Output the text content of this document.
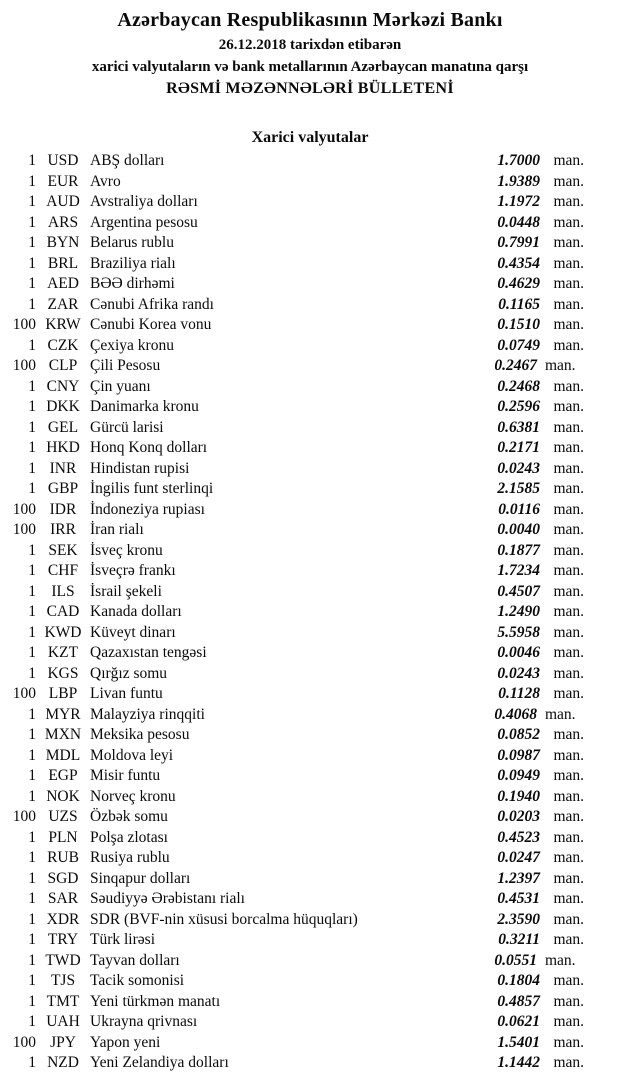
Azərbaycan Respublikasının Mərkəzi Bankı
26.12.2018 tarixdən etibarən
xarici valyutaların və bank metallarının Azərbaycan manatına qarşı
RƏSMİ MƏZƏNNƏLƏRİ BÜLLETENİ
Xarici valyutalar
1 USD ABŞ dolları	1.7000 man.
1 EUR Avro	1.9389 man.
1 AUD Avstraliya dolları	1.1972 man.
1 ARS Argentina pesosu	0.0448 man.
1 BYN Belarus rublu	0.7991 man.
1 BRL Braziliya rialı	0.4354 man.
1 AED BƏƏ dirhəmi	0.4629 man.
1 ZAR Cənubi Afrika randı	0.1165 man.
100 KRW Cənubi Korea vonu	0.1510 man.
1 CZK Çexiya kronu	0.0749 man.
100 CLP Çili Pesosu	0.2467 man.
1 CNY Çin yuanı	0.2468 man.
1 DKK Danimarka kronu	0.2596 man.
1 GEL Gürcü larisi	0.6381 man.
1 HKD Honq Konq dolları	0.2171 man.
1 INR Hindistan rupisi	0.0243 man.
1 GBP İngilis funt sterlinqi	2.1585 man.
100 IDR İndoneziya rupiası	0.0116 man.
100 IRR İran rialı	0.0040 man.
1 SEK İsveç kronu	0.1877 man.
1 CHF İsveçrə frankı	1.7234 man.
1 ILS İsrail şekeli	0.4507 man.
1 CAD Kanada dolları	1.2490 man.
1 KWD Küveyt dinarı	5.5958 man.
1 KZT Qazaxıstan tengəsi	0.0046 man.
1 KGS Qırğız somu	0.0243 man.
100 LBP Livan funtu	0.1128 man.
1 MYR Malayziya rinqqiti	0.4068 man.
1 MXN Meksika pesosu	0.0852 man.
1 MDL Moldova leyi	0.0987 man.
1 EGP Misir funtu	0.0949 man.
1 NOK Norveç kronu	0.1940 man.
100 UZS Özbək somu	0.0203 man.
1 PLN Polşa zlotası	0.4523 man.
1 RUB Rusiya rublu	0.0247 man.
1 SGD Sinqapur dolları	1.2397 man.
1 SAR Səudiyyə Ərəbistanı rialı	0.4531 man.
1 XDR SDR (BVF-nin xüsusi borcalma hüquqları)	2.3590 man.
1 TRY Türk lirəsi	0.3211 man.
1 TWD Tayvan dolları	0.0551 man.
1 TJS Tacik somonisi	0.1804 man.
1 TMT Yeni türkmən manatı	0.4857 man.
1 UAH Ukrayna qrivnası	0.0621 man.
100 JPY Yapon yeni	1.5401 man.
1 NZD Yeni Zelandiya dolları	1.1442 man.
